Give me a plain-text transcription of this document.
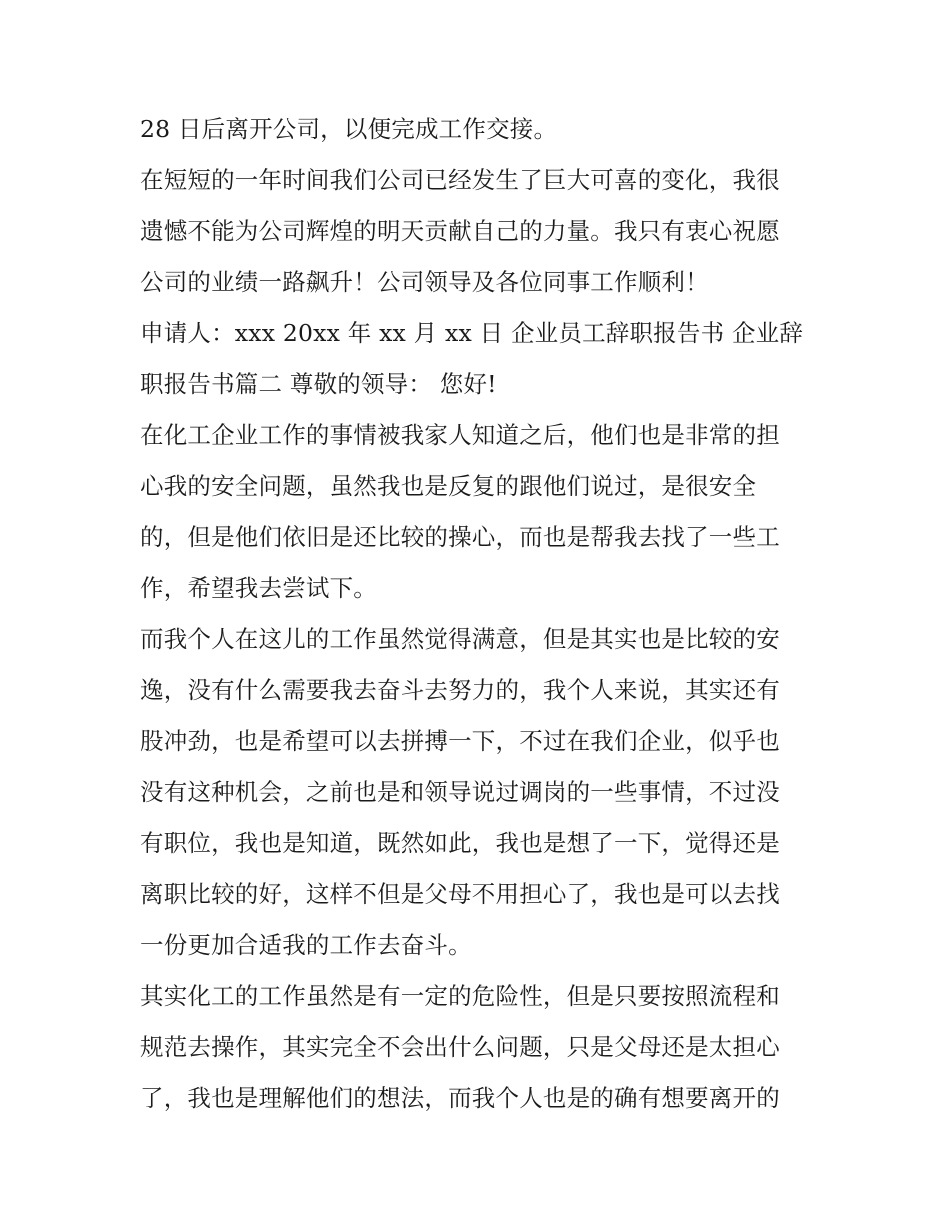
28 日后离开公司，以便完成工作交接。
在短短的一年时间我们公司已经发生了巨大可喜的变化，我很
遗憾不能为公司辉煌的明天贡献自己的力量。我只有衷心祝愿
公司的业绩一路飙升！公司领导及各位同事工作顺利！
申请人：xxx 20xx 年 xx 月 xx 日 企业员工辞职报告书 企业辞
职报告书篇二 尊敬的领导： 您好!
在化工企业工作的事情被我家人知道之后，他们也是非常的担
心我的安全问题，虽然我也是反复的跟他们说过，是很安全
的，但是他们依旧是还比较的操心，而也是帮我去找了一些工
作，希望我去尝试下。
而我个人在这儿的工作虽然觉得满意，但是其实也是比较的安
逸，没有什么需要我去奋斗去努力的，我个人来说，其实还有
股冲劲，也是希望可以去拼搏一下，不过在我们企业，似乎也
没有这种机会，之前也是和领导说过调岗的一些事情，不过没
有职位，我也是知道，既然如此，我也是想了一下，觉得还是
离职比较的好，这样不但是父母不用担心了，我也是可以去找
一份更加合适我的工作去奋斗。
其实化工的工作虽然是有一定的危险性，但是只要按照流程和
规范去操作，其实完全不会出什么问题，只是父母还是太担心
了，我也是理解他们的想法，而我个人也是的确有想要离开的
